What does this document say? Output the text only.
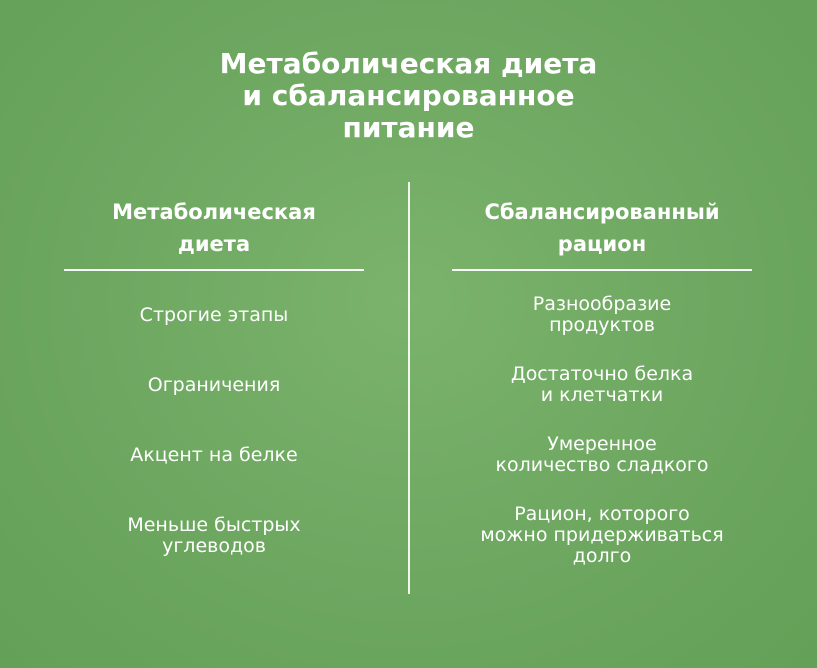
Метаболическая диета
и сбалансированное
питание
Метаболическая
диета
Строгие этапы
Ограничения
Акцент на белке
Меньше быстрых
углеводов
Сбалансированный
рацион
Разнообразие
продуктов
Достаточно белка
и клетчатки
Умеренное
количество сладкого
Рацион, которого
можно придерживаться
долго
